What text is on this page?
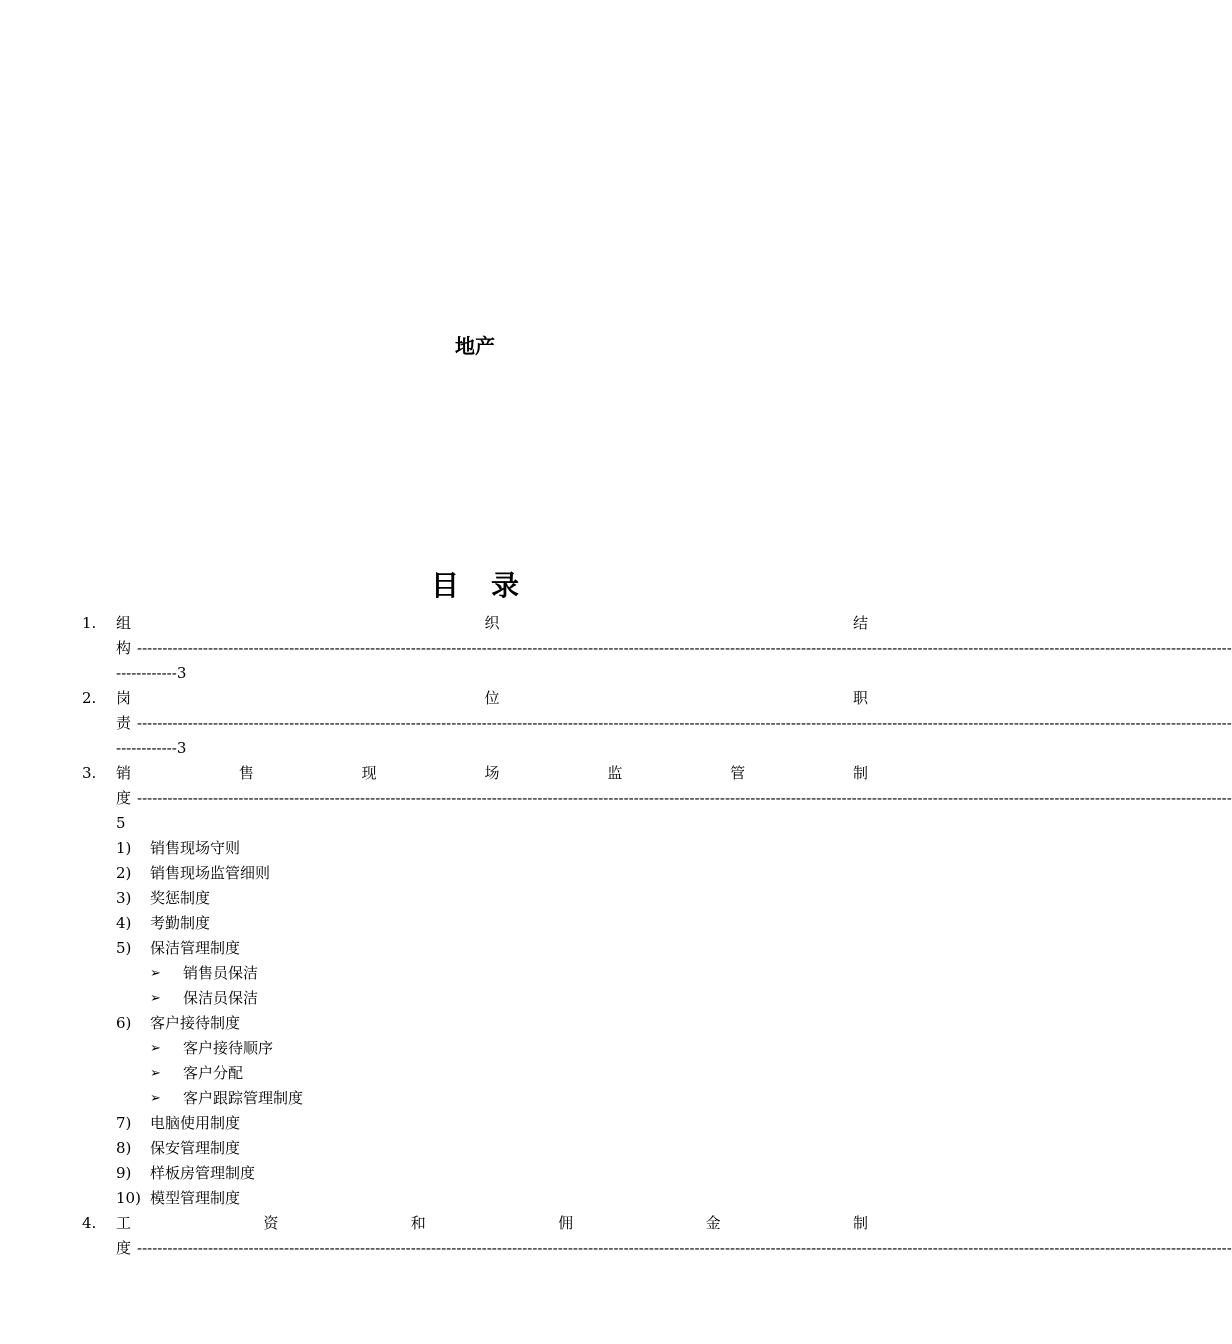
地产
目录
1. 组	织	结
构 ------------------------------------------------------------------------------------------------------------------------------------------------------------------------------------------------------------------------
------------3
2. 岗	位	职
责 ------------------------------------------------------------------------------------------------------------------------------------------------------------------------------------------------------------------------
------------3
3. 销	售	现	场	监	管	制
度 ------------------------------------------------------------------------------------------------------------------------------------------------------------------------------------------------------------------------
5
1) 销售现场守则
2) 销售现场监管细则
3) 奖惩制度
4) 考勤制度
5) 保洁管理制度
➢ 销售员保洁
➢ 保洁员保洁
6) 客户接待制度
➢ 客户接待顺序
➢ 客户分配
➢ 客户跟踪管理制度
7) 电脑使用制度
8) 保安管理制度
9) 样板房管理制度
10) 模型管理制度
4. 工	资	和	佣	金	制
度 ------------------------------------------------------------------------------------------------------------------------------------------------------------------------------------------------------------------------
